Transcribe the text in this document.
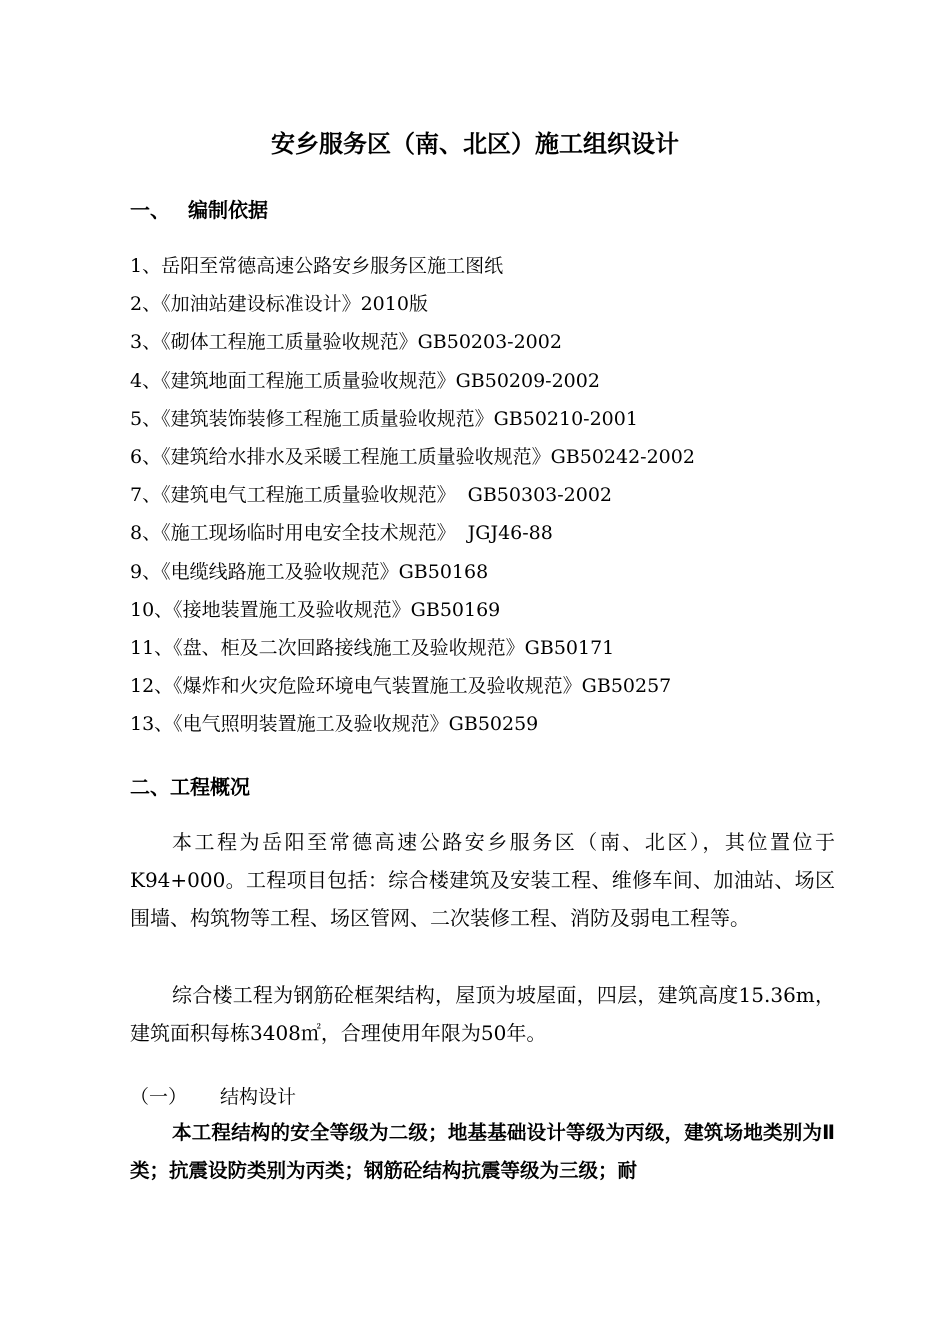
安乡服务区（南、北区）施工组织设计
一、 编制依据
1、岳阳至常德高速公路安乡服务区施工图纸
2、《加油站建设标准设计》2010版
3、《砌体工程施工质量验收规范》GB50203-2002
4、《建筑地面工程施工质量验收规范》GB50209-2002
5、《建筑装饰装修工程施工质量验收规范》GB50210-2001
6、《建筑给水排水及采暖工程施工质量验收规范》GB50242-2002
7、《建筑电气工程施工质量验收规范》  GB50303-2002
8、《施工现场临时用电安全技术规范》  JGJ46-88
9、《电缆线路施工及验收规范》GB50168
10、《接地装置施工及验收规范》GB50169
11、《盘、柜及二次回路接线施工及验收规范》GB50171
12、《爆炸和火灾危险环境电气装置施工及验收规范》GB50257
13、《电气照明装置施工及验收规范》GB50259
二、工程概况

本工程为岳阳至常德高速公路安乡服务区（南、北区），其位置位于K94+000。工程项目包括：综合楼建筑及安装工程、维修车间、加油站、场区围墙、构筑物等工程、场区管网、二次装修工程、消防及弱电工程等。

综合楼工程为钢筋砼框架结构，屋顶为坡屋面，四层，建筑高度15.36m，建筑面积每栋3408㎡，合理使用年限为50年。

（一） 结构设计

本工程结构的安全等级为二级；地基基础设计等级为丙级，建筑场地类别为Ⅱ类；抗震设防类别为丙类；钢筋砼结构抗震等级为三级；耐
